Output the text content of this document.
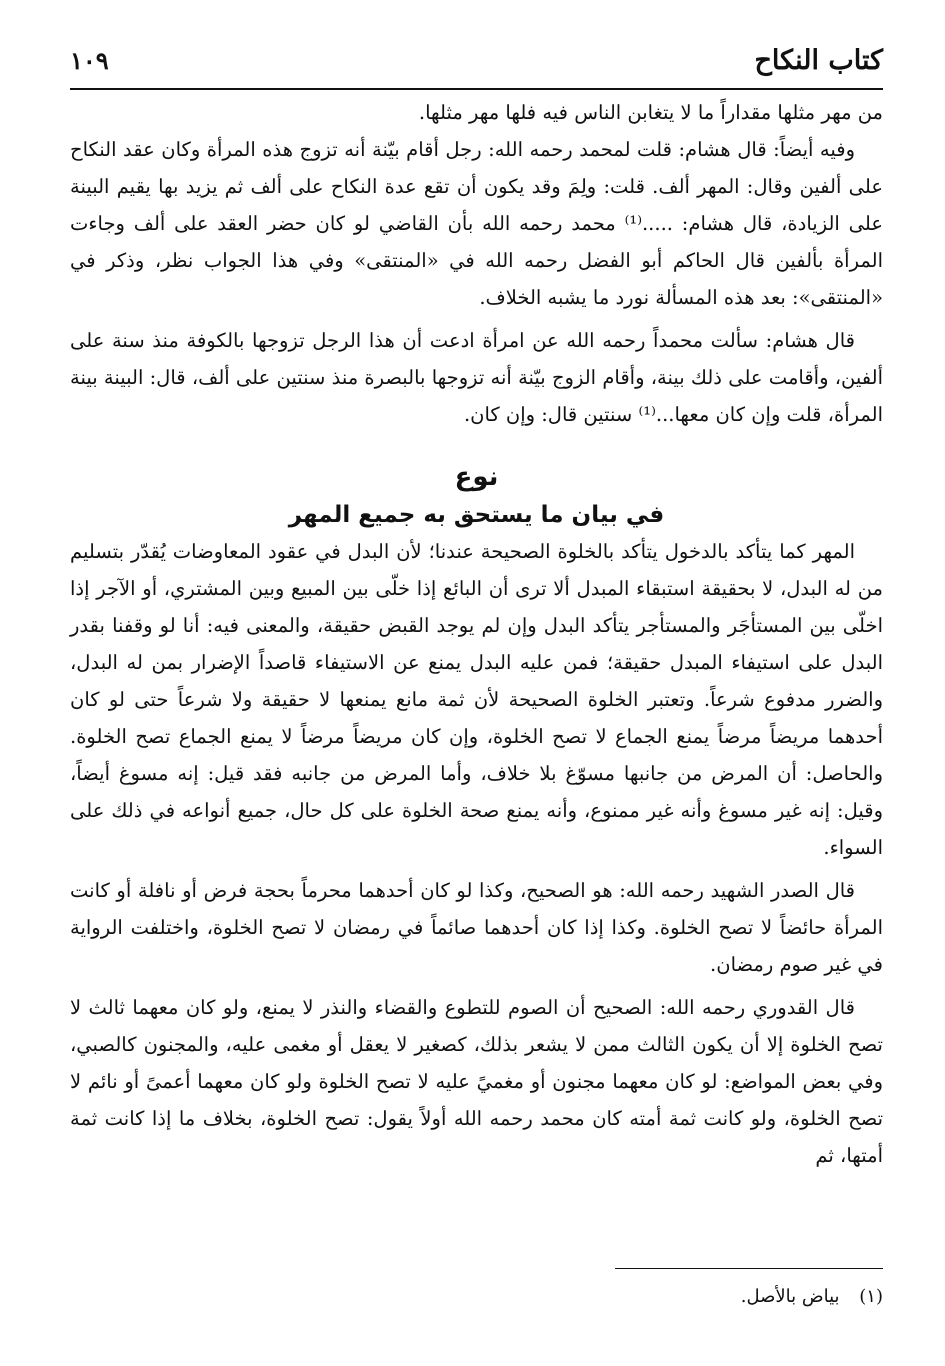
كتاب النكاح
١٠٩

من مهر مثلها مقداراً ما لا يتغابن الناس فيه فلها مهر مثلها.

وفيه أيضاً: قال هشام: قلت لمحمد رحمه الله: رجل أقام بيّنة أنه تزوج هذه المرأة وكان عقد النكاح على ألفين وقال: المهر ألف. قلت: ولِمَ وقد يكون أن تقع عدة النكاح على ألف ثم يزيد بها يقيم البينة على الزيادة، قال هشام: .....⁽¹⁾ محمد رحمه الله بأن القاضي لو كان حضر العقد على ألف وجاءت المرأة بألفين قال الحاكم أبو الفضل رحمه الله في «المنتقى» وفي هذا الجواب نظر، وذكر في «المنتقى»: بعد هذه المسألة نورد ما يشبه الخلاف.

قال هشام: سألت محمداً رحمه الله عن امرأة ادعت أن هذا الرجل تزوجها بالكوفة منذ سنة على ألفين، وأقامت على ذلك بينة، وأقام الزوج بيّنة أنه تزوجها بالبصرة منذ سنتين على ألف، قال: البينة بينة المرأة، قلت وإن كان معها...⁽¹⁾ سنتين قال: وإن كان.

نوع
في بيان ما يستحق به جميع المهر

المهر كما يتأكد بالدخول يتأكد بالخلوة الصحيحة عندنا؛ لأن البدل في عقود المعاوضات يُقدّر بتسليم من له البدل، لا بحقيقة استبقاء المبدل ألا ترى أن البائع إذا خلّى بين المبيع وبين المشتري، أو الآجر إذا اخلّى بين المستأجَر والمستأجر يتأكد البدل وإن لم يوجد القبض حقيقة، والمعنى فيه: أنا لو وقفنا بقدر البدل على استيفاء المبدل حقيقة؛ فمن عليه البدل يمنع عن الاستيفاء قاصداً الإضرار بمن له البدل، والضرر مدفوع شرعاً. وتعتبر الخلوة الصحيحة لأن ثمة مانع يمنعها لا حقيقة ولا شرعاً حتى لو كان أحدهما مريضاً مرضاً يمنع الجماع لا تصح الخلوة، وإن كان مريضاً مرضاً لا يمنع الجماع تصح الخلوة. والحاصل: أن المرض من جانبها مسوّغ بلا خلاف، وأما المرض من جانبه فقد قيل: إنه مسوغ أيضاً، وقيل: إنه غير مسوغ وأنه غير ممنوع، وأنه يمنع صحة الخلوة على كل حال، جميع أنواعه في ذلك على السواء.

قال الصدر الشهيد رحمه الله: هو الصحيح، وكذا لو كان أحدهما محرماً بحجة فرض أو نافلة أو كانت المرأة حائضاً لا تصح الخلوة. وكذا إذا كان أحدهما صائماً في رمضان لا تصح الخلوة، واختلفت الرواية في غير صوم رمضان.

قال القدوري رحمه الله: الصحيح أن الصوم للتطوع والقضاء والنذر لا يمنع، ولو كان معهما ثالث لا تصح الخلوة إلا أن يكون الثالث ممن لا يشعر بذلك، كصغير لا يعقل أو مغمى عليه، والمجنون كالصبي، وفي بعض المواضع: لو كان معهما مجنون أو مغميً عليه لا تصح الخلوة ولو كان معهما أعمىً أو نائم لا تصح الخلوة، ولو كانت ثمة أمته كان محمد رحمه الله أولاً يقول: تصح الخلوة، بخلاف ما إذا كانت ثمة أمتها، ثم

(١) بياض بالأصل.
